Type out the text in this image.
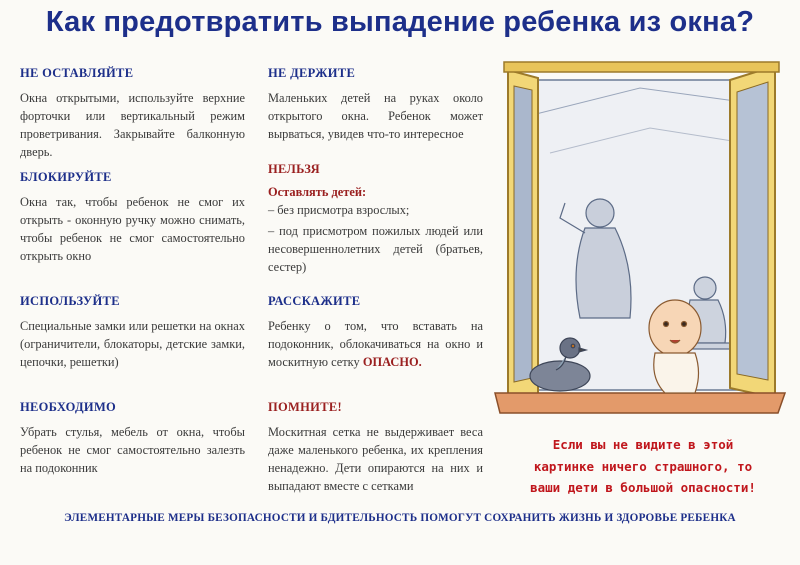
Как предотвратить выпадение ребенка из окна?

НЕ ОСТАВЛЯЙТЕ

Окна открытыми, используйте верхние форточки или вертикальный режим проветривания. Закрывайте балконную дверь.

БЛОКИРУЙТЕ

Окна так, чтобы ребенок не смог их открыть - оконную ручку можно снимать, чтобы ребенок не смог самостоятельно открыть окно

ИСПОЛЬЗУЙТЕ

Специальные замки или решетки на окнах (ограничители, блокаторы, детские замки, цепочки, решетки)

НЕОБХОДИМО

Убрать стулья, мебель от окна, чтобы ребенок не смог самостоятельно залезть на подоконник

НЕ ДЕРЖИТЕ

Маленьких детей на руках около открытого окна. Ребенок может вырваться, увидев что-то интересное

НЕЛЬЗЯ

Оставлять детей:

– без присмотра взрослых;

– под присмотром пожилых людей или несовершеннолетних детей (братьев, сестер)

РАССКАЖИТЕ

Ребенку о том, что вставать на подоконник, облокачиваться на окно и москитную сетку ОПАСНО.

ПОМНИТЕ!

Москитная сетка не выдерживает веса даже маленького ребенка, их крепления ненадежно. Дети опираются на них и выпадают вместе с сетками

Если вы не видите в этой
картинке ничего страшного, то
ваши дети в большой опасности!
ЭЛЕМЕНТАРНЫЕ МЕРЫ БЕЗОПАСНОСТИ И БДИТЕЛЬНОСТЬ ПОМОГУТ СОХРАНИТЬ ЖИЗНЬ И ЗДОРОВЬЕ РЕБЕНКА
